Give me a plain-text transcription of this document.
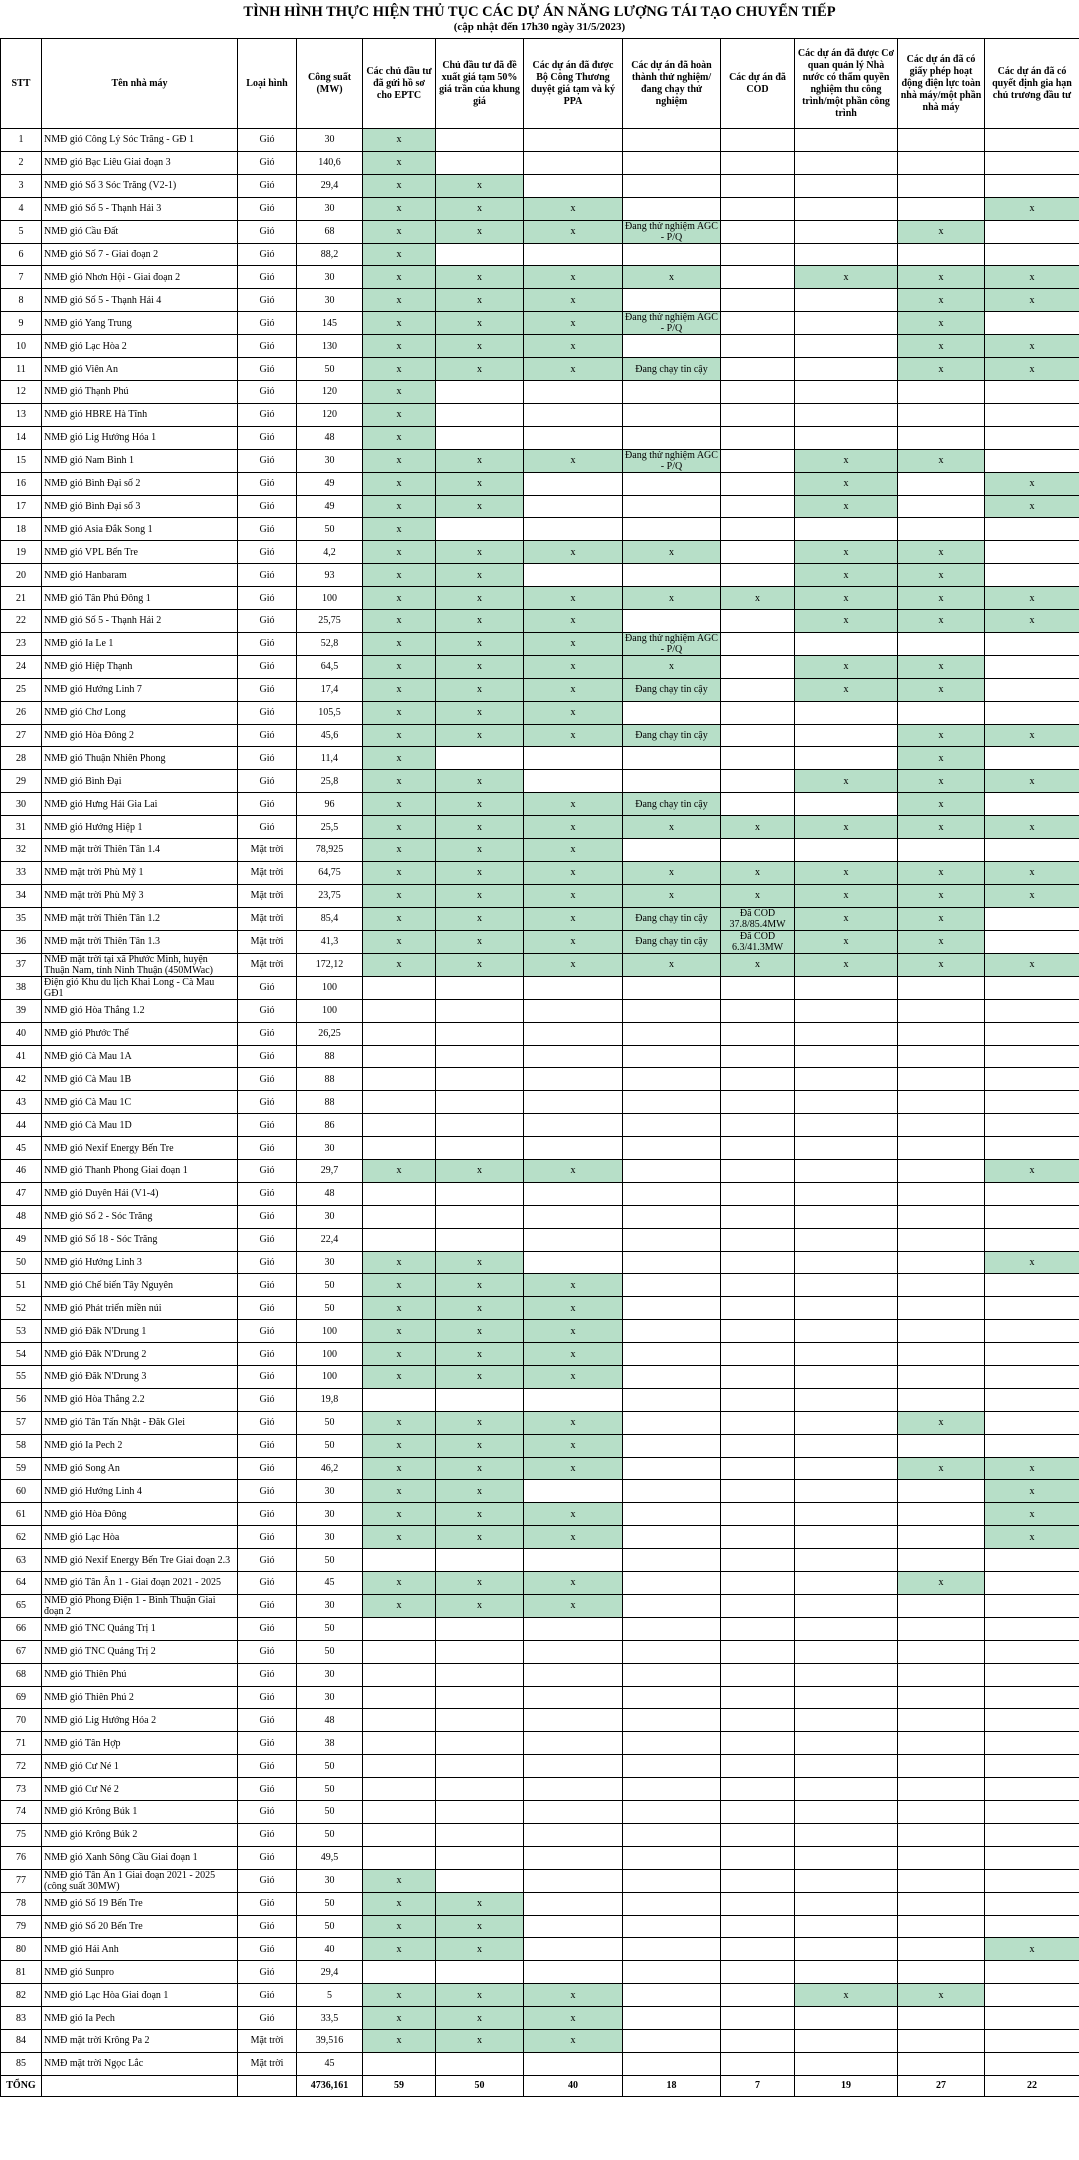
TÌNH HÌNH THỰC HIỆN THỦ TỤC CÁC DỰ ÁN NĂNG LƯỢNG TÁI TẠO CHUYỂN TIẾP
(cập nhật đến 17h30 ngày 31/5/2023)
STT	Tên nhà máy	Loại hình	Công suất (MW)	Các chủ đầu tư đã gửi hồ sơ cho EPTC	Chủ đầu tư đã đề xuất giá tạm 50% giá trần của khung giá	Các dự án đã được Bộ Công Thương duyệt giá tạm và ký PPA	Các dự án đã hoàn thành thử nghiệm/đang chạy thử nghiệm	Các dự án đã COD	Các dự án đã được Cơ quan quản lý Nhà nước có thẩm quyền nghiệm thu công trình/một phần công trình	Các dự án đã có giấy phép hoạt động điện lực toàn nhà máy/một phần nhà máy	Các dự án đã có quyết định gia hạn chủ trương đầu tư
1	NMĐ gió Công Lý Sóc Trăng - GĐ 1	Gió	30	x							
2	NMĐ gió Bạc Liêu Giai đoạn 3	Gió	140,6	x							
3	NMĐ gió Số 3 Sóc Trăng (V2-1)	Gió	29,4	x	x						
4	NMĐ gió Số 5 - Thạnh Hải 3	Gió	30	x	x	x					x
5	NMĐ gió Cầu Đất	Gió	68	x	x	x	Đang thử nghiệm AGC - P/Q			x	
6	NMĐ gió Số 7 - Giai đoạn 2	Gió	88,2	x							
7	NMĐ gió Nhơn Hội - Giai đoạn 2	Gió	30	x	x	x	x		x	x	x
8	NMĐ gió Số 5 - Thạnh Hải 4	Gió	30	x	x	x				x	x
9	NMĐ gió Yang Trung	Gió	145	x	x	x	Đang thử nghiệm AGC - P/Q			x	
10	NMĐ gió Lạc Hòa 2	Gió	130	x	x	x				x	x
11	NMĐ gió Viên An	Gió	50	x	x	x	Đang chạy tin cậy			x	x
12	NMĐ gió Thạnh Phú	Gió	120	x							
13	NMĐ gió HBRE Hà Tĩnh	Gió	120	x							
14	NMĐ gió Lig Hướng Hóa 1	Gió	48	x							
15	NMĐ gió Nam Bình 1	Gió	30	x	x	x	Đang thử nghiệm AGC - P/Q		x	x	
16	NMĐ gió Bình Đại số 2	Gió	49	x	x				x		x
17	NMĐ gió Bình Đại số 3	Gió	49	x	x				x		x
18	NMĐ gió Asia Đắk Song 1	Gió	50	x							
19	NMĐ gió VPL Bến Tre	Gió	4,2	x	x	x	x		x	x	
20	NMĐ gió Hanbaram	Gió	93	x	x				x	x	
21	NMĐ gió Tân Phú Đông 1	Gió	100	x	x	x	x	x	x	x	x
22	NMĐ gió Số 5 - Thạnh Hải 2	Gió	25,75	x	x	x			x	x	x
23	NMĐ gió Ia Le 1	Gió	52,8	x	x	x	Đang thử nghiệm AGC - P/Q				
24	NMĐ gió Hiệp Thạnh	Gió	64,5	x	x	x	x		x	x	
25	NMĐ gió Hướng Linh 7	Gió	17,4	x	x	x	Đang chạy tin cậy		x	x	
26	NMĐ gió Chơ Long	Gió	105,5	x	x	x					
27	NMĐ gió Hòa Đông 2	Gió	45,6	x	x	x	Đang chạy tin cậy			x	x
28	NMĐ gió Thuận Nhiên Phong	Gió	11,4	x						x	
29	NMĐ gió Bình Đại	Gió	25,8	x	x				x	x	x
30	NMĐ gió Hưng Hải Gia Lai	Gió	96	x	x	x	Đang chạy tin cậy			x	
31	NMĐ gió Hướng Hiệp 1	Gió	25,5	x	x	x	x	x	x	x	x
32	NMĐ mặt trời Thiên Tân 1.4	Mặt trời	78,925	x	x	x					
33	NMĐ mặt trời Phù Mỹ 1	Mặt trời	64,75	x	x	x	x	x	x	x	x
34	NMĐ mặt trời Phù Mỹ 3	Mặt trời	23,75	x	x	x	x	x	x	x	x
35	NMĐ mặt trời Thiên Tân 1.2	Mặt trời	85,4	x	x	x	Đang chạy tin cậy	Đã COD 37.8/85.4MW	x	x	
36	NMĐ mặt trời Thiên Tân 1.3	Mặt trời	41,3	x	x	x	Đang chạy tin cậy	Đã COD 6.3/41.3MW	x	x	
37	NMĐ mặt trời tại xã Phước Minh, huyện Thuận Nam, tỉnh Ninh Thuận (450MWac)	Mặt trời	172,12	x	x	x	x	x	x	x	x
38	Điện gió Khu du lịch Khai Long - Cà Mau GĐ1	Gió	100								
39	NMĐ gió Hòa Thắng 1.2	Gió	100								
40	NMĐ gió Phước Thể	Gió	26,25								
41	NMĐ gió Cà Mau 1A	Gió	88								
42	NMĐ gió Cà Mau 1B	Gió	88								
43	NMĐ gió Cà Mau 1C	Gió	88								
44	NMĐ gió Cà Mau 1D	Gió	86								
45	NMĐ gió Nexif Energy Bến Tre	Gió	30								
46	NMĐ gió Thanh Phong Giai đoạn 1	Gió	29,7	x	x	x					x
47	NMĐ gió Duyên Hải (V1-4)	Gió	48								
48	NMĐ gió Số 2 - Sóc Trăng	Gió	30								
49	NMĐ gió Số 18 - Sóc Trăng	Gió	22,4								
50	NMĐ gió Hướng Linh 3	Gió	30	x	x						x
51	NMĐ gió Chế biến Tây Nguyên	Gió	50	x	x	x					
52	NMĐ gió Phát triển miền núi	Gió	50	x	x	x					
53	NMĐ gió Đăk N'Drung 1	Gió	100	x	x	x					
54	NMĐ gió Đăk N'Drung 2	Gió	100	x	x	x					
55	NMĐ gió Đăk N'Drung 3	Gió	100	x	x	x					
56	NMĐ gió Hòa Thắng 2.2	Gió	19,8								
57	NMĐ gió Tân Tấn Nhật - Đăk Glei	Gió	50	x	x	x				x	
58	NMĐ gió Ia Pech 2	Gió	50	x	x	x					
59	NMĐ gió Song An	Gió	46,2	x	x	x				x	x
60	NMĐ gió Hướng Linh 4	Gió	30	x	x						x
61	NMĐ gió Hòa Đông	Gió	30	x	x	x					x
62	NMĐ gió Lạc Hòa	Gió	30	x	x	x					x
63	NMĐ gió Nexif Energy Bến Tre Giai đoạn 2.3	Gió	50								
64	NMĐ gió Tân Ân 1 - Giai đoạn 2021 - 2025	Gió	45	x	x	x				x	
65	NMĐ gió Phong Điện 1 - Bình Thuận Giai đoạn 2	Gió	30	x	x	x					
66	NMĐ gió TNC Quảng Trị 1	Gió	50								
67	NMĐ gió TNC Quảng Trị 2	Gió	50								
68	NMĐ gió Thiên Phú	Gió	30								
69	NMĐ gió Thiên Phú 2	Gió	30								
70	NMĐ gió Lig Hướng Hóa 2	Gió	48								
71	NMĐ gió Tân Hợp	Gió	38								
72	NMĐ gió Cư Né 1	Gió	50								
73	NMĐ gió Cư Né 2	Gió	50								
74	NMĐ gió Krông Búk 1	Gió	50								
75	NMĐ gió Krông Búk 2	Gió	50								
76	NMĐ gió Xanh Sông Cầu Giai đoạn 1	Gió	49,5								
77	NMĐ gió Tân Ân 1 Giai đoạn 2021 - 2025 (công suất 30MW)	Gió	30	x							
78	NMĐ gió Số 19 Bến Tre	Gió	50	x	x						
79	NMĐ gió Số 20 Bến Tre	Gió	50	x	x						
80	NMĐ gió Hải Anh	Gió	40	x	x						x
81	NMĐ gió Sunpro	Gió	29,4								
82	NMĐ gió Lạc Hòa Giai đoạn 1	Gió	5	x	x	x			x	x	
83	NMĐ gió Ia Pech	Gió	33,5	x	x	x					
84	NMĐ mặt trời Krông Pa 2	Mặt trời	39,516	x	x	x					
85	NMĐ mặt trời Ngọc Lắc	Mặt trời	45								
TỔNG			4736,161	59	50	40	18	7	19	27	22
